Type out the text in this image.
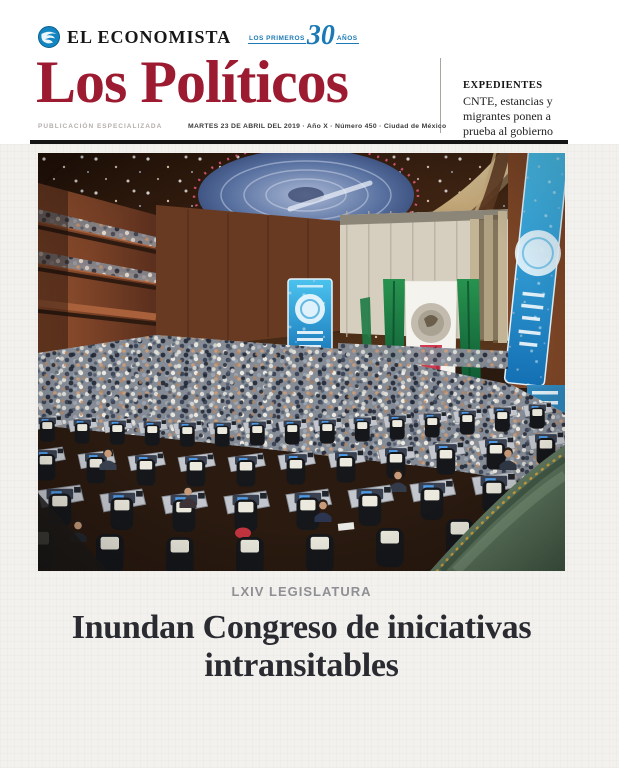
EL ECONOMISTA	LOS PRIMEROS 30 AÑOS
Los Políticos	EXPEDIENTES
CNTE, estancias y migrantes ponen a prueba al gobierno
PUBLICACIÓN ESPECIALIZADA	MARTES 23 DE ABRIL DEL 2019 · Año X · Número 450 · Ciudad de México
LXIV LEGISLATURA
Inundan Congreso de iniciativas intransitables
